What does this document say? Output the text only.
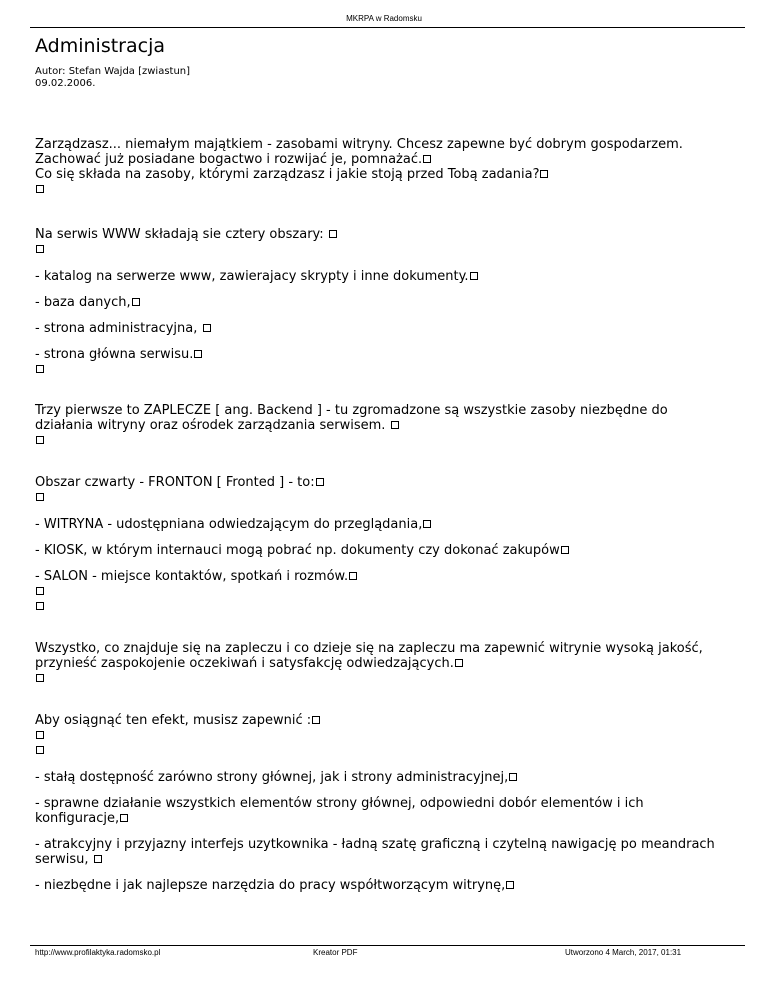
MKRPA w Radomsku
Administracja
Autor: Stefan Wajda [zwiastun]
09.02.2006.
Zarządzasz... niemałym majątkiem - zasobami witryny. Chcesz zapewne być dobrym gospodarzem.
Zachować już posiadane bogactwo i rozwijać je, pomnażać.
Co się składa na zasoby, którymi zarządzasz i jakie stoją przed Tobą zadania?
Na serwis WWW składają sie cztery obszary:
- katalog na serwerze www, zawierajacy skrypty i inne dokumenty.
- baza danych,
- strona administracyjna,
- strona główna serwisu.
Trzy pierwsze to ZAPLECZE [ ang. Backend ] - tu zgromadzone są wszystkie zasoby niezbędne do
działania witryny oraz ośrodek zarządzania serwisem.
Obszar czwarty - FRONTON [ Fronted ] - to:
- WITRYNA - udostępniana odwiedzającym do przeglądania,
- KIOSK, w którym internauci mogą pobrać np. dokumenty czy dokonać zakupów
- SALON - miejsce kontaktów, spotkań i rozmów.
Wszystko, co znajduje się na zapleczu i co dzieje się na zapleczu ma zapewnić witrynie wysoką jakość,
przynieść zaspokojenie oczekiwań i satysfakcję odwiedzających.
Aby osiągnąć ten efekt, musisz zapewnić :
- stałą dostępność zarówno strony głównej, jak i strony administracyjnej,
- sprawne działanie wszystkich elementów strony głównej, odpowiedni dobór elementów i ich
konfiguracje,
- atrakcyjny i przyjazny interfejs uzytkownika - ładną szatę graficzną i czytelną nawigację po meandrach
serwisu,
- niezbędne i jak najlepsze narzędzia do pracy współtworzącym witrynę,
http://www.profilaktyka.radomsko.pl	Kreator PDF	Utworzono 4 March, 2017, 01:31
